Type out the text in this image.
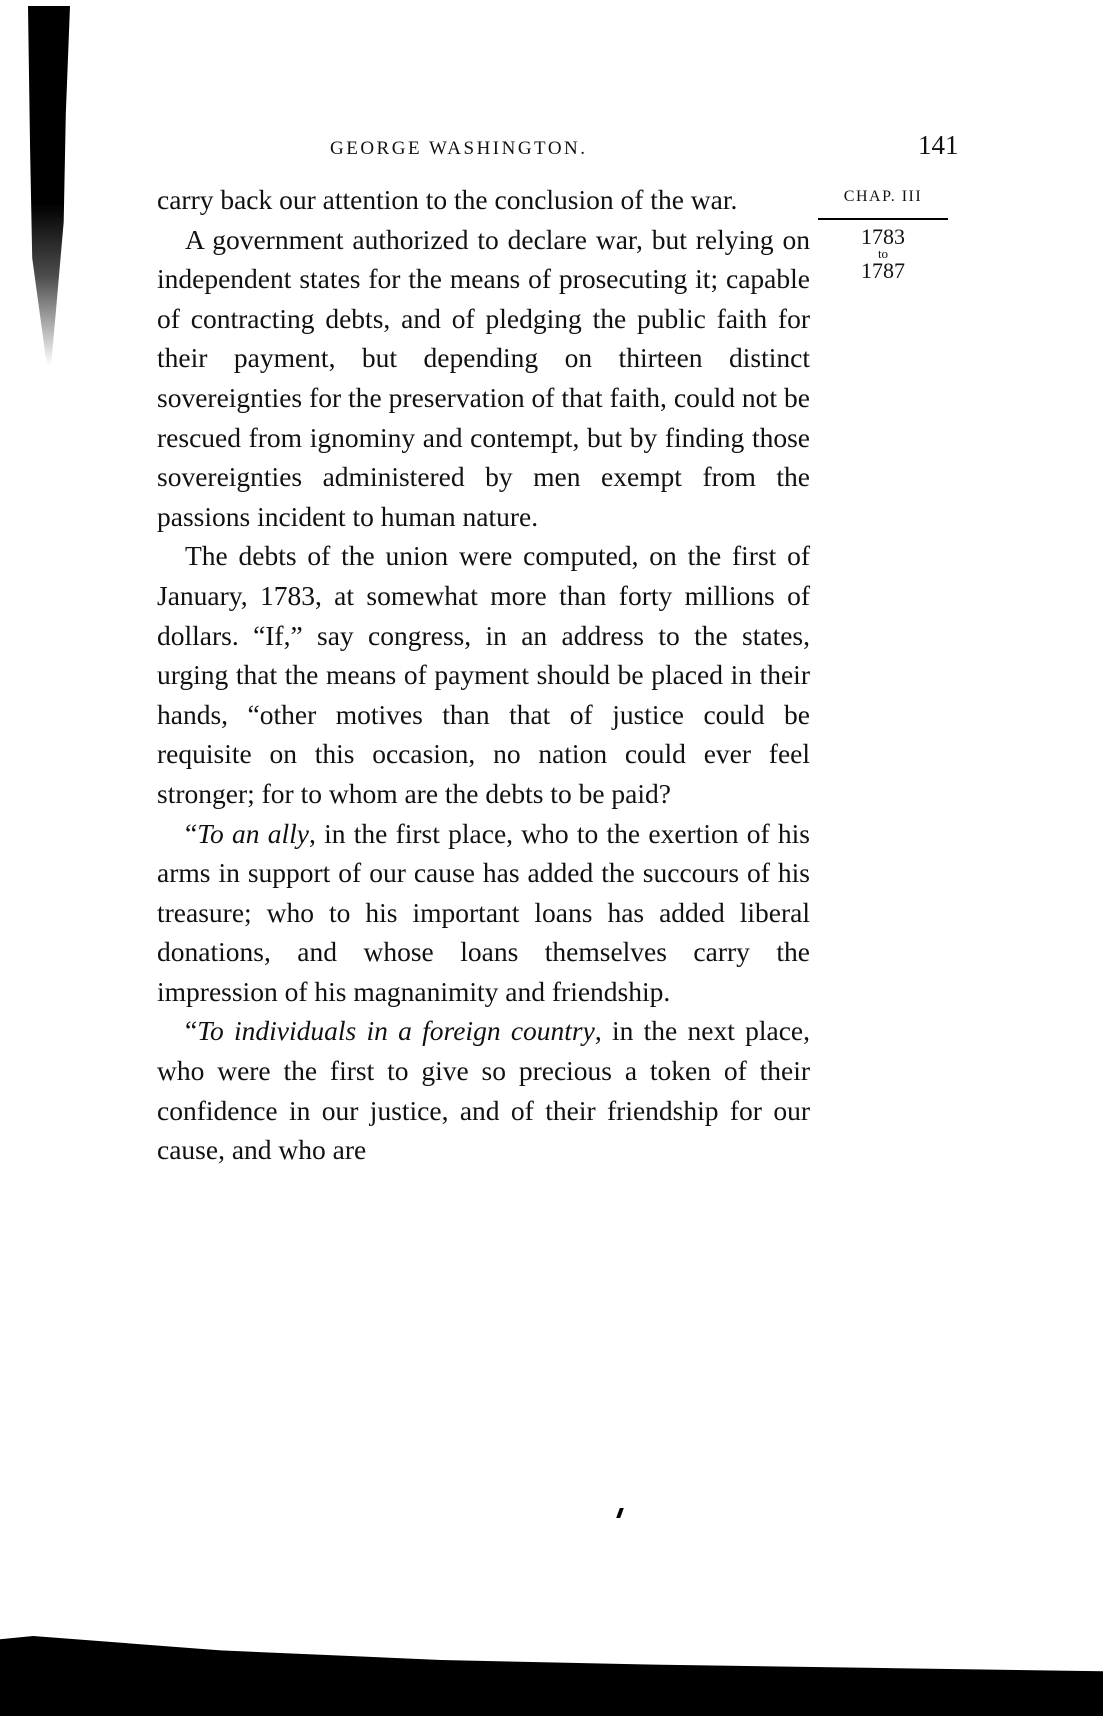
GEORGE WASHINGTON.	141
CHAP. III
1783
to
1787

carry back our attention to the conclusion of the war.

A government authorized to declare war, but relying on independent states for the means of prosecuting it; capable of contracting debts, and of pledging the public faith for their payment, but depending on thirteen distinct sovereignties for the preservation of that faith, could not be rescued from ignominy and contempt, but by finding those sovereignties administered by men exempt from the passions incident to human nature.

The debts of the union were computed, on the first of January, 1783, at somewhat more than forty millions of dollars. “If,” say congress, in an address to the states, urging that the means of payment should be placed in their hands, “other motives than that of justice could be requisite on this occasion, no nation could ever feel stronger; for to whom are the debts to be paid?

“To an ally, in the first place, who to the exertion of his arms in support of our cause has added the succours of his treasure; who to his important loans has added liberal donations, and whose loans themselves carry the impression of his magnanimity and friendship.

“To individuals in a foreign country, in the next place, who were the first to give so precious a token of their confidence in our justice, and of their friendship for our cause, and who are
